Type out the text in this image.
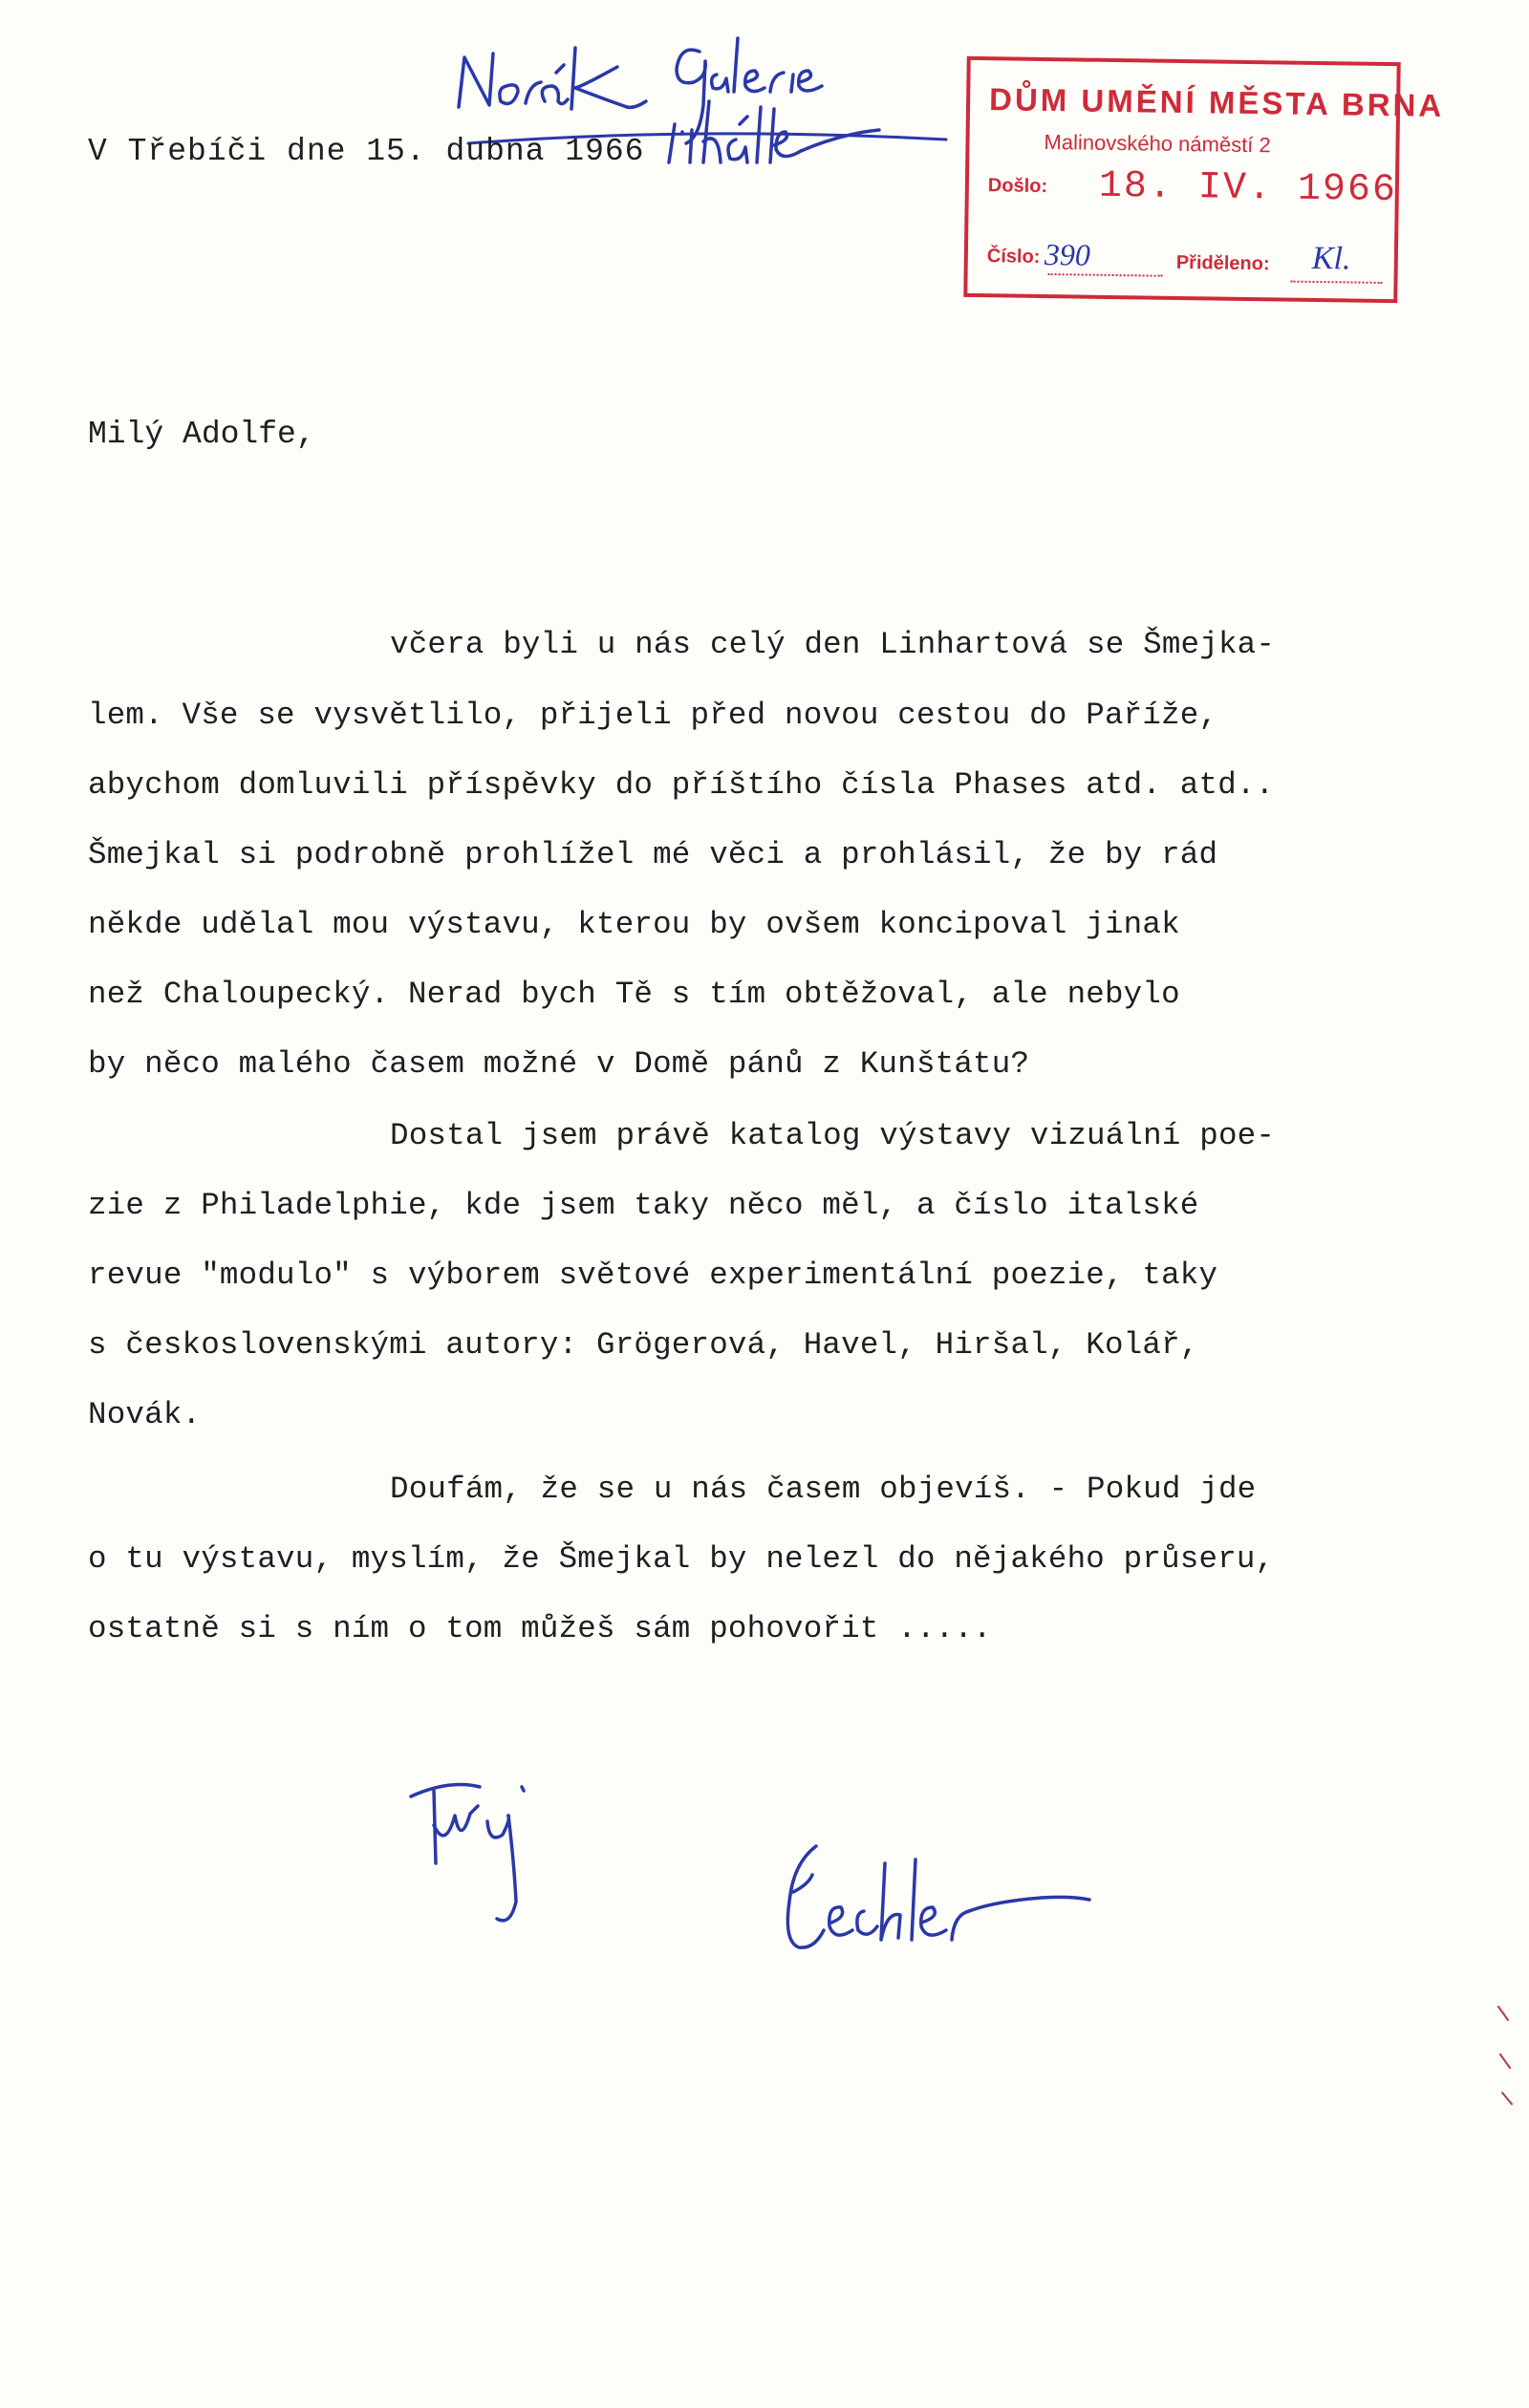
V Třebíči dne 15. dubna 1966
DŮM UMĚNÍ MĚSTA BRNA
Malinovského náměstí 2
Došlo: 18. IV. 1966
Číslo: 390	Přiděleno: Kl.
Milý Adolfe,
včera byli u nás celý den Linhartová se Šmejka-
lem. Vše se vysvětlilo, přijeli před novou cestou do Paříže,
abychom domluvili příspěvky do příštího čísla Phases atd. atd..
Šmejkal si podrobně prohlížel mé věci a prohlásil, že by rád
někde udělal mou výstavu, kterou by ovšem koncipoval jinak
než Chaloupecký. Nerad bych Tě s tím obtěžoval, ale nebylo
by něco malého časem možné v Domě pánů z Kunštátu?
Dostal jsem právě katalog výstavy vizuální poe-
zie z Philadelphie, kde jsem taky něco měl, a číslo italské
revue "modulo" s výborem světové experimentální poezie, taky
s československými autory: Grögerová, Havel, Hiršal, Kolář,
Novák.
Doufám, že se u nás časem objevíš. - Pokud jde
o tu výstavu, myslím, že Šmejkal by nelezl do nějakého průseru,
ostatně si s ním o tom můžeš sám pohovořit .....
